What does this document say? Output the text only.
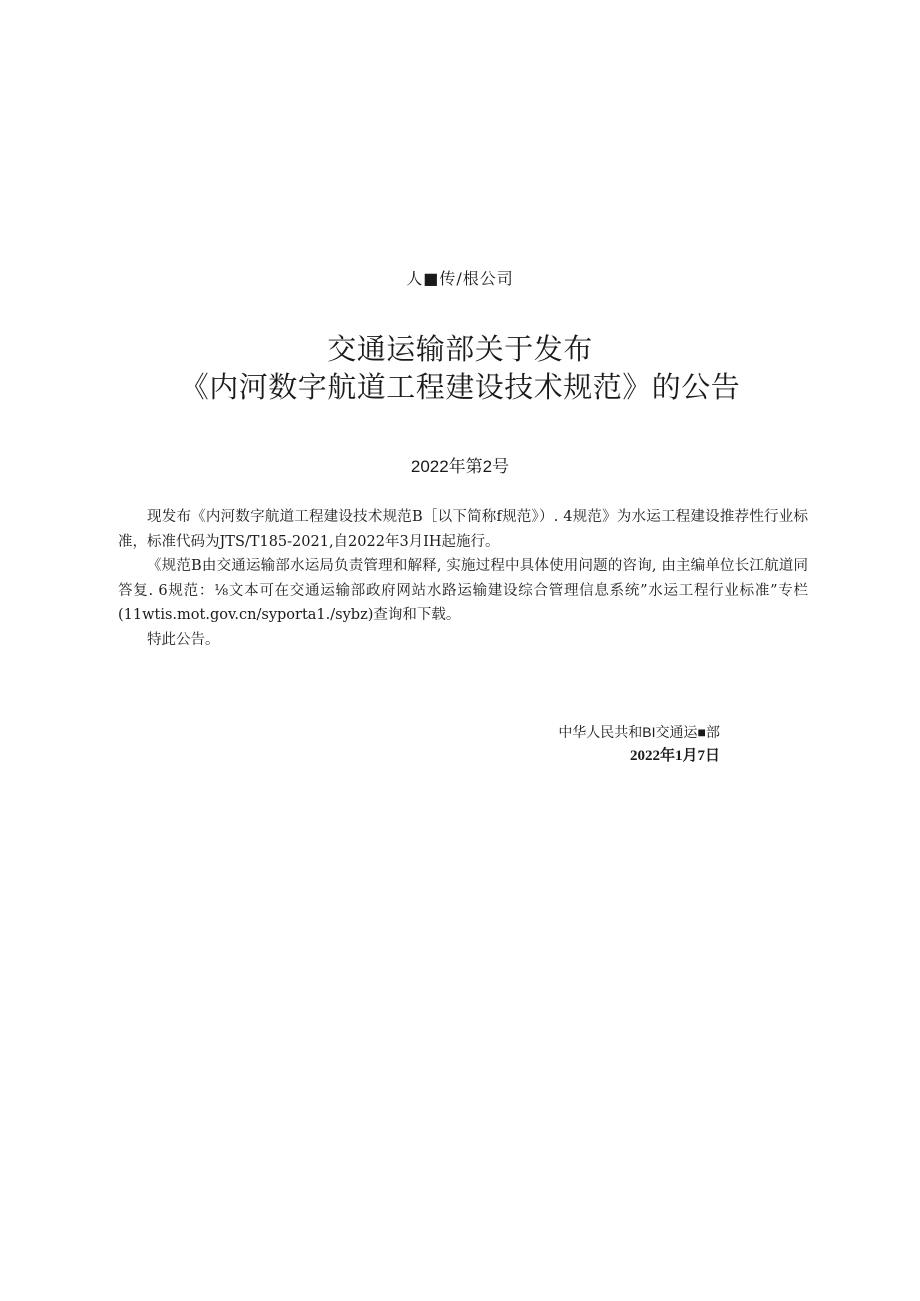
人■传/根公司
交通运输部关于发布
《内河数字航道工程建设技术规范》的公告
2022年第2号

现发布《内河数字航道工程建设技术规范B［以下简称f规范》）. 4规范》为水运工程建设推荐性行业标准，标准代码为JTS/T185-2021,自2022年3月IH起施行。

《规范B由交通运输部水运局负责管理和解释, 实施过程中具体使用问题的咨询, 由主编单位长江航道同答复. 6规范：⅛文本可在交通运输部政府网站水路运输建设综合管理信息系统”水运工程行业标准”专栏(11wtis.mot.gov.cn/syporta1./sybz)查询和下载。

特此公告。

中华人民共和BI交通运■部
2022年1月7日
